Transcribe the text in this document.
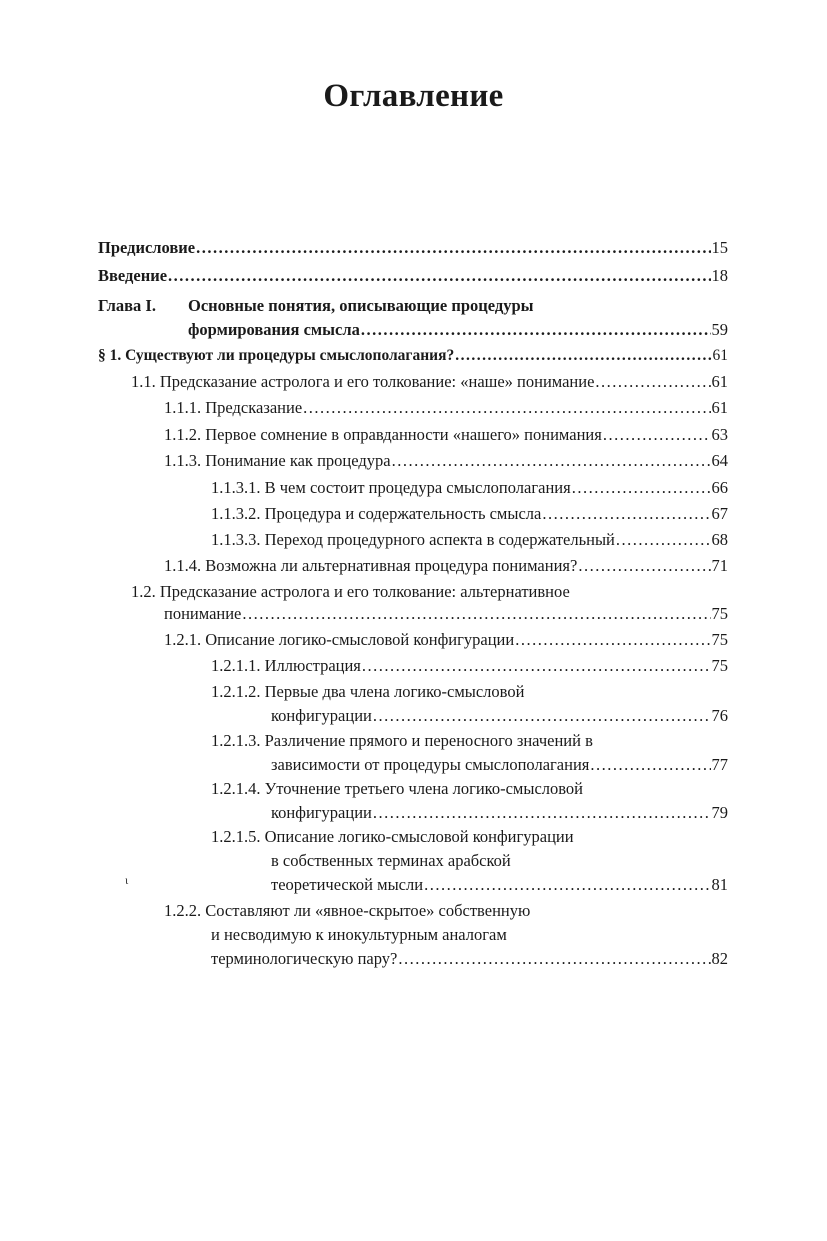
Оглавление
Предисловие .....	15
Введение .....	18
Глава I. Основные понятия, описывающие процедуры
формирования смысла .....	59
§ 1. Существуют ли процедуры смыслополагания? .....	61
1.1. Предсказание астролога и его толкование: «наше» понимание .....	61
1.1.1. Предсказание .....	61
1.1.2. Первое сомнение в оправданности «нашего» понимания .....	63
1.1.3. Понимание как процедура .....	64
1.1.3.1. В чем состоит процедура смыслополагания .....	66
1.1.3.2. Процедура и содержательность смысла .....	67
1.1.3.3. Переход процедурного аспекта в содержательный .....	68
1.1.4. Возможна ли альтернативная процедура понимания? .....	71
1.2. Предсказание астролога и его толкование: альтернативное
понимание .....	75
1.2.1. Описание логико-смысловой конфигурации .....	75
1.2.1.1. Иллюстрация .....	75
1.2.1.2. Первые два члена логико-смысловой
конфигурации .....	76
1.2.1.3. Различение прямого и переносного значений в
зависимости от процедуры смыслополагания .....	77
1.2.1.4. Уточнение третьего члена логико-смысловой
конфигурации .....	79
1.2.1.5. Описание логико-смысловой конфигурации
в собственных терминах арабской
теоретической мысли .....	81
1.2.2. Составляют ли «явное-скрытое» собственную
и несводимую к инокультурным аналогам
терминологическую пару? .....	82
ι
